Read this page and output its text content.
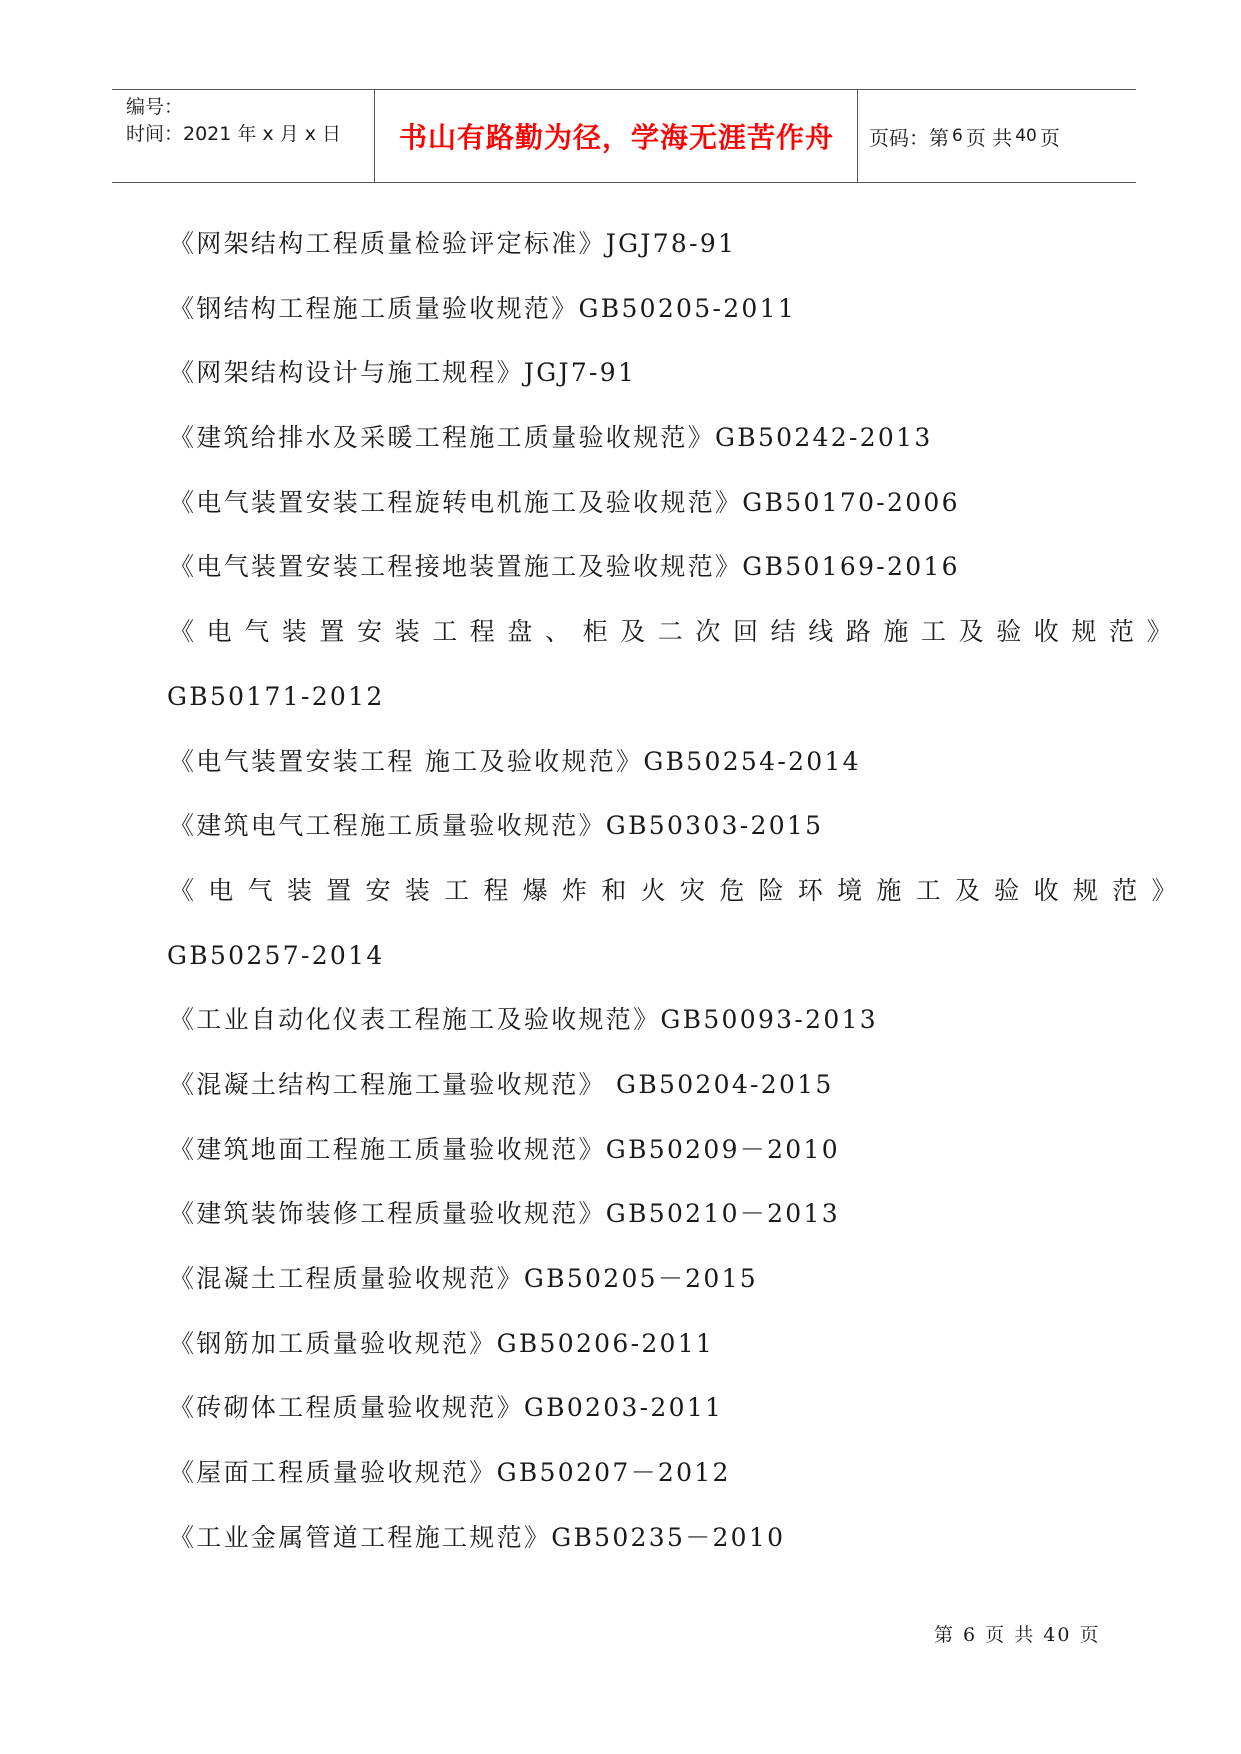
编号：
时间：2021 年 x 月 x 日	书山有路勤为径，学海无涯苦作舟	页码：第 6 页 共 40 页
《网架结构工程质量检验评定标准》JGJ78-91
《钢结构工程施工质量验收规范》GB50205-2011
《网架结构设计与施工规程》JGJ7-91
《建筑给排水及采暖工程施工质量验收规范》GB50242-2013
《电气装置安装工程旋转电机施工及验收规范》GB50170-2006
《电气装置安装工程接地装置施工及验收规范》GB50169-2016
《电气装置安装工程盘、柜及二次回结线路施工及验收规范》
GB50171-2012
《电气装置安装工程 施工及验收规范》GB50254-2014
《建筑电气工程施工质量验收规范》GB50303-2015
《电气装置安装工程爆炸和火灾危险环境施工及验收规范》
GB50257-2014
《工业自动化仪表工程施工及验收规范》GB50093-2013
《混凝土结构工程施工量验收规范》 GB50204-2015
《建筑地面工程施工质量验收规范》GB50209－2010
《建筑装饰装修工程质量验收规范》GB50210－2013
《混凝土工程质量验收规范》GB50205－2015
《钢筋加工质量验收规范》GB50206-2011
《砖砌体工程质量验收规范》GB0203-2011
《屋面工程质量验收规范》GB50207－2012
《工业金属管道工程施工规范》GB50235－2010
第 6 页 共 40 页
